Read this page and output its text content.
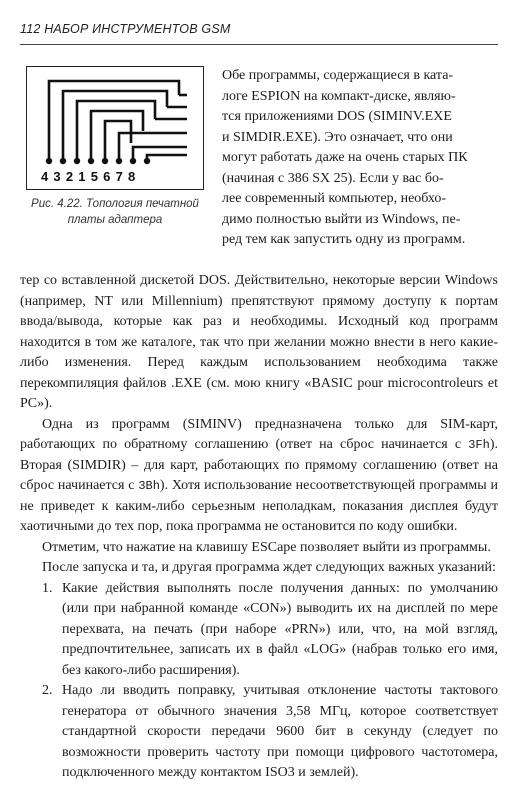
112 НАБОР ИНСТРУМЕНТОВ GSM
43215678
Рис. 4.22. Топология печатной
платы адаптера
Обе программы, содержащиеся в ката-
логе ESPION на компакт-диске, являю-
тся приложениями DOS (SIMINV.EXE
и SIMDIR.EXE). Это означает, что они
могут работать даже на очень старых ПК
(начиная с 386 SX 25). Если у вас бо-
лее современный компьютер, необхо-
димо полностью выйти из Windows, пе-
ред тем как запустить одну из программ.

тер со вставленной дискетой DOS. Действительно, некоторые версии Windows (например, NT или Millennium) препятствуют прямому доступу к портам ввода/вывода, которые как раз и необходимы. Исходный код программ находится в том же каталоге, так что при желании можно внести в него какие-либо изменения. Перед каждым использованием необходима также перекомпиляция файлов .EXE (см. мою книгу «BASIC pour microcontroleurs et PC»).

Одна из программ (SIMINV) предназначена только для SIM-карт, работающих по обратному соглашению (ответ на сброс начинается с 3Fh). Вторая (SIMDIR) – для карт, работающих по прямому соглашению (ответ на сброс начинается с 3Bh). Хотя использование несоответствующей программы и не приведет к каким-либо серьезным неполадкам, показания дисплея будут хаотичными до тех пор, пока программа не остановится по коду ошибки.

Отметим, что нажатие на клавишу ESCape позволяет выйти из программы.

После запуска и та, и другая программа ждет следующих важных указаний:

1. Какие действия выполнять после получения данных: по умолчанию (или при набранной команде «CON») выводить их на дисплей по мере перехвата, на печать (при наборе «PRN») или, что, на мой взгляд, предпочтительнее, записать их в файл «LOG» (набрав только его имя, без какого-либо расширения).
2. Надо ли вводить поправку, учитывая отклонение частоты тактового генератора от обычного значения 3,58 МГц, которое соответствует стандартной скорости передачи 9600 бит в секунду (следует по возможности проверить частоту при помощи цифрового частотомера, подключенного между контактом ISO3 и землей).
